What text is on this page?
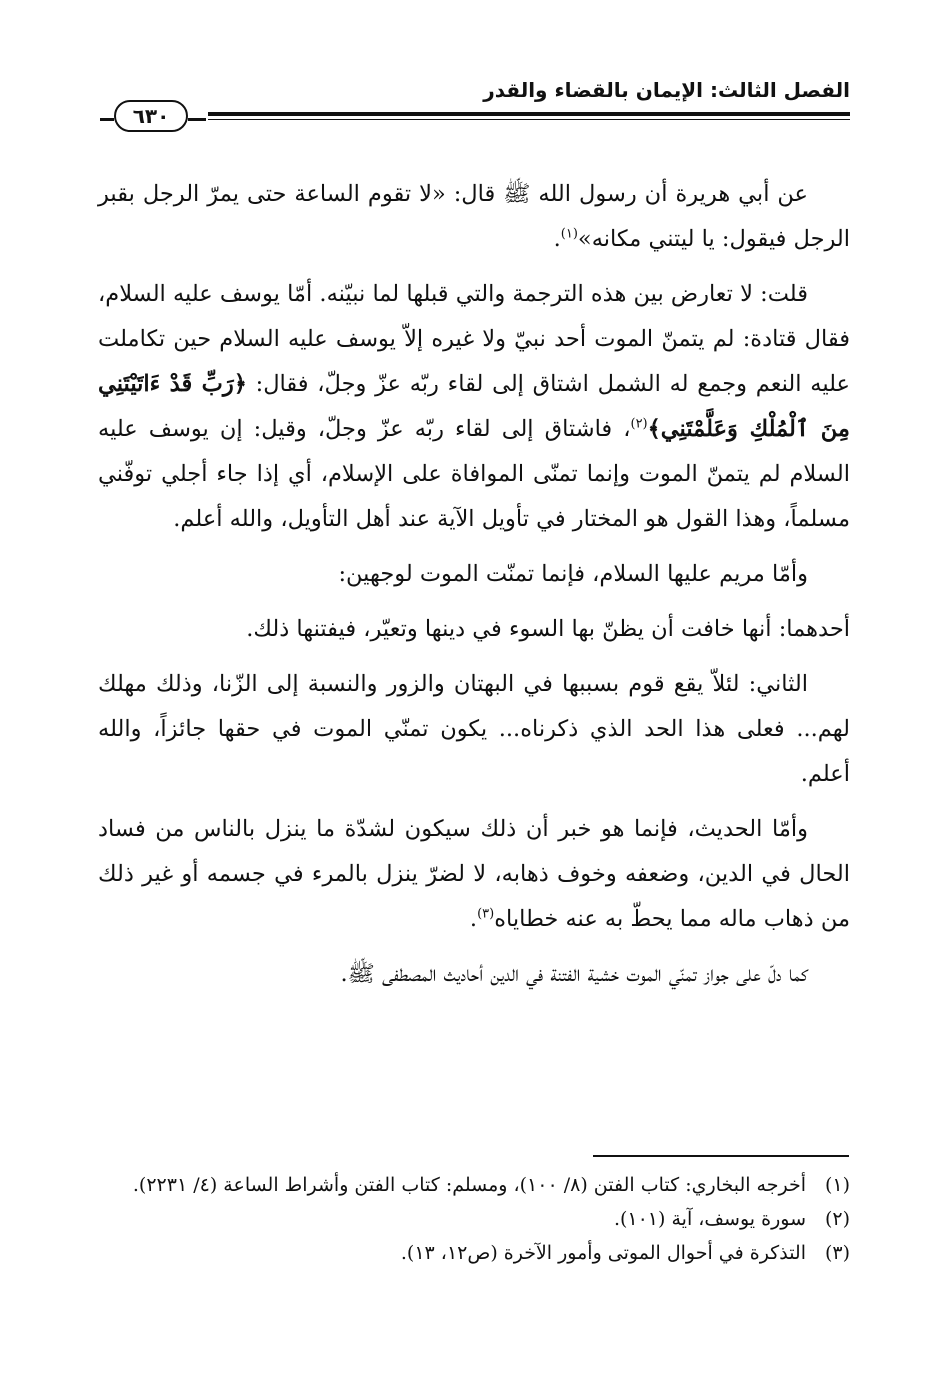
الفصل الثالث: الإيمان بالقضاء والقدر
٦٣٠

عن أبي هريرة أن رسول الله ﷺ قال: «لا تقوم الساعة حتى يمرّ الرجل بقبر الرجل فيقول: يا ليتني مكانه»$^{(١)}$.

قلت: لا تعارض بين هذه الترجمة والتي قبلها لما نبيّنه. أمّا يوسف عليه السلام، فقال قتادة: لم يتمنّ الموت أحد نبيّ ولا غيره إلاّ يوسف عليه السلام حين تكاملت عليه النعم وجمع له الشمل اشتاق إلى لقاء ربّه عزّ وجلّ، فقال: ﴿رَبِّ قَدْ ءَاتَيْتَنِي مِنَ ٱلْمُلْكِ وَعَلَّمْتَنِي﴾$^{(٢)}$، فاشتاق إلى لقاء ربّه عزّ وجلّ، وقيل: إن يوسف عليه السلام لم يتمنّ الموت وإنما تمنّى الموافاة على الإسلام، أي إذا جاء أجلي توفّني مسلماً، وهذا القول هو المختار في تأويل الآية عند أهل التأويل، والله أعلم.

وأمّا مريم عليها السلام، فإنما تمنّت الموت لوجهين:

أحدهما: أنها خافت أن يظنّ بها السوء في دينها وتعيّر، فيفتنها ذلك.

الثاني: لئلاّ يقع قوم بسببها في البهتان والزور والنسبة إلى الزّنا، وذلك مهلك لهم... فعلى هذا الحد الذي ذكرناه... يكون تمنّي الموت في حقها جائزاً، والله أعلم.

وأمّا الحديث، فإنما هو خبر أن ذلك سيكون لشدّة ما ينزل بالناس من فساد الحال في الدين، وضعفه وخوف ذهابه، لا لضرّ ينزل بالمرء في جسمه أو غير ذلك من ذهاب ماله مما يحطّ به عنه خطاياه$^{(٣)}$.

كما دلّ على جواز تمنّي الموت خشية الفتنة في الدين أحاديث المصطفى ﷺ.

(١)
أخرجه البخاري: كتاب الفتن (٨/ ١٠٠)، ومسلم: كتاب الفتن وأشراط الساعة (٤/ ٢٢٣١).

(٢)
سورة يوسف، آية (١٠١).

(٣)
التذكرة في أحوال الموتى وأمور الآخرة (ص١٢، ١٣).
